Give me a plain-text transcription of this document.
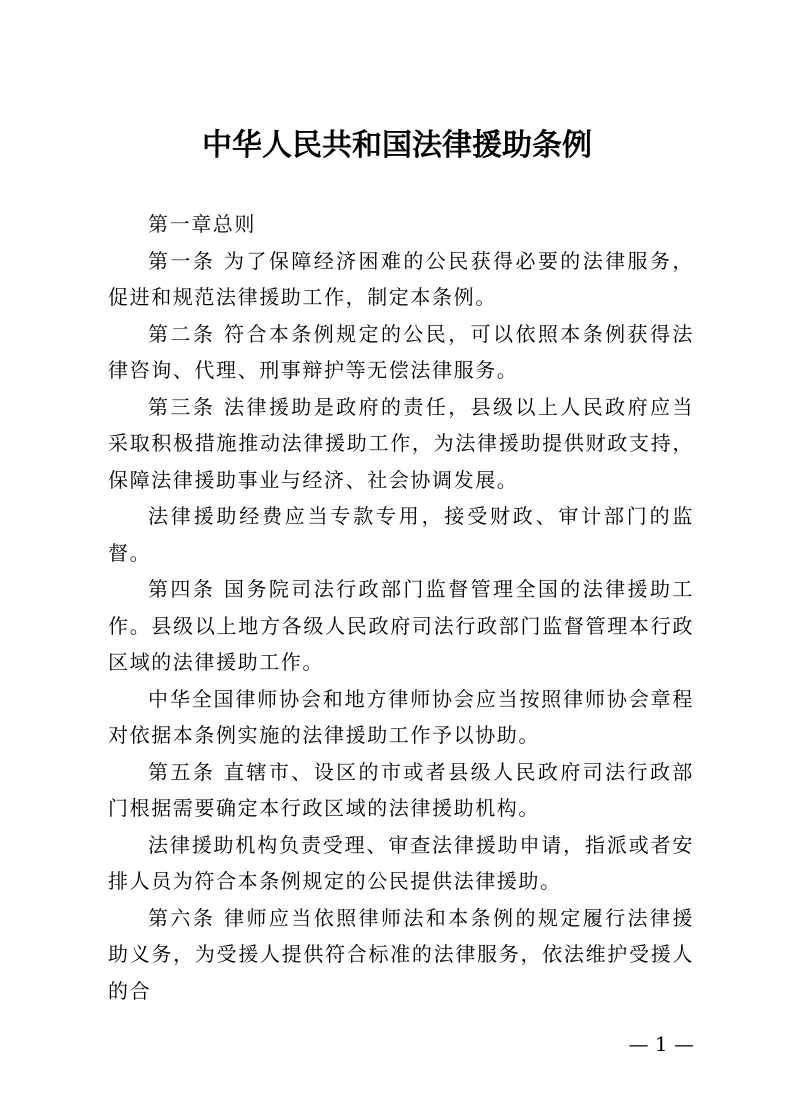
中华人民共和国法律援助条例

第一章总则

第一条 为了保障经济困难的公民获得必要的法律服务，促进和规范法律援助工作，制定本条例。

第二条 符合本条例规定的公民，可以依照本条例获得法律咨询、代理、刑事辩护等无偿法律服务。

第三条 法律援助是政府的责任，县级以上人民政府应当采取积极措施推动法律援助工作，为法律援助提供财政支持，保障法律援助事业与经济、社会协调发展。

法律援助经费应当专款专用，接受财政、审计部门的监督。

第四条 国务院司法行政部门监督管理全国的法律援助工作。县级以上地方各级人民政府司法行政部门监督管理本行政区域的法律援助工作。

中华全国律师协会和地方律师协会应当按照律师协会章程对依据本条例实施的法律援助工作予以协助。

第五条 直辖市、设区的市或者县级人民政府司法行政部门根据需要确定本行政区域的法律援助机构。

法律援助机构负责受理、审查法律援助申请，指派或者安排人员为符合本条例规定的公民提供法律援助。

第六条 律师应当依照律师法和本条例的规定履行法律援助义务，为受援人提供符合标准的法律服务，依法维护受援人的合

— 1 —
